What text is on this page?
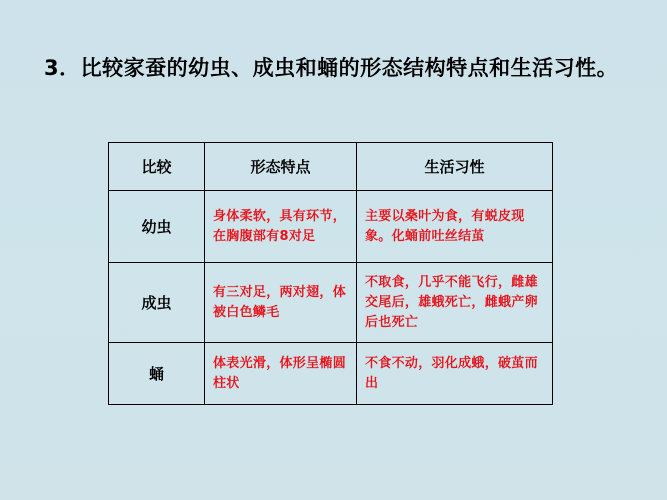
3．比较家蚕的幼虫、成虫和蛹的形态结构特点和生活习性。
比较	形态特点	生活习性
幼虫	身体柔软，具有环节，在胸腹部有8对足	主要以桑叶为食，有蜕皮现象。化蛹前吐丝结茧
成虫	有三对足，两对翅，体被白色鳞毛	不取食，几乎不能飞行，雌雄交尾后，雄蛾死亡，雌蛾产卵后也死亡
蛹	体表光滑，体形呈椭圆柱状	不食不动，羽化成蛾，破茧而出
